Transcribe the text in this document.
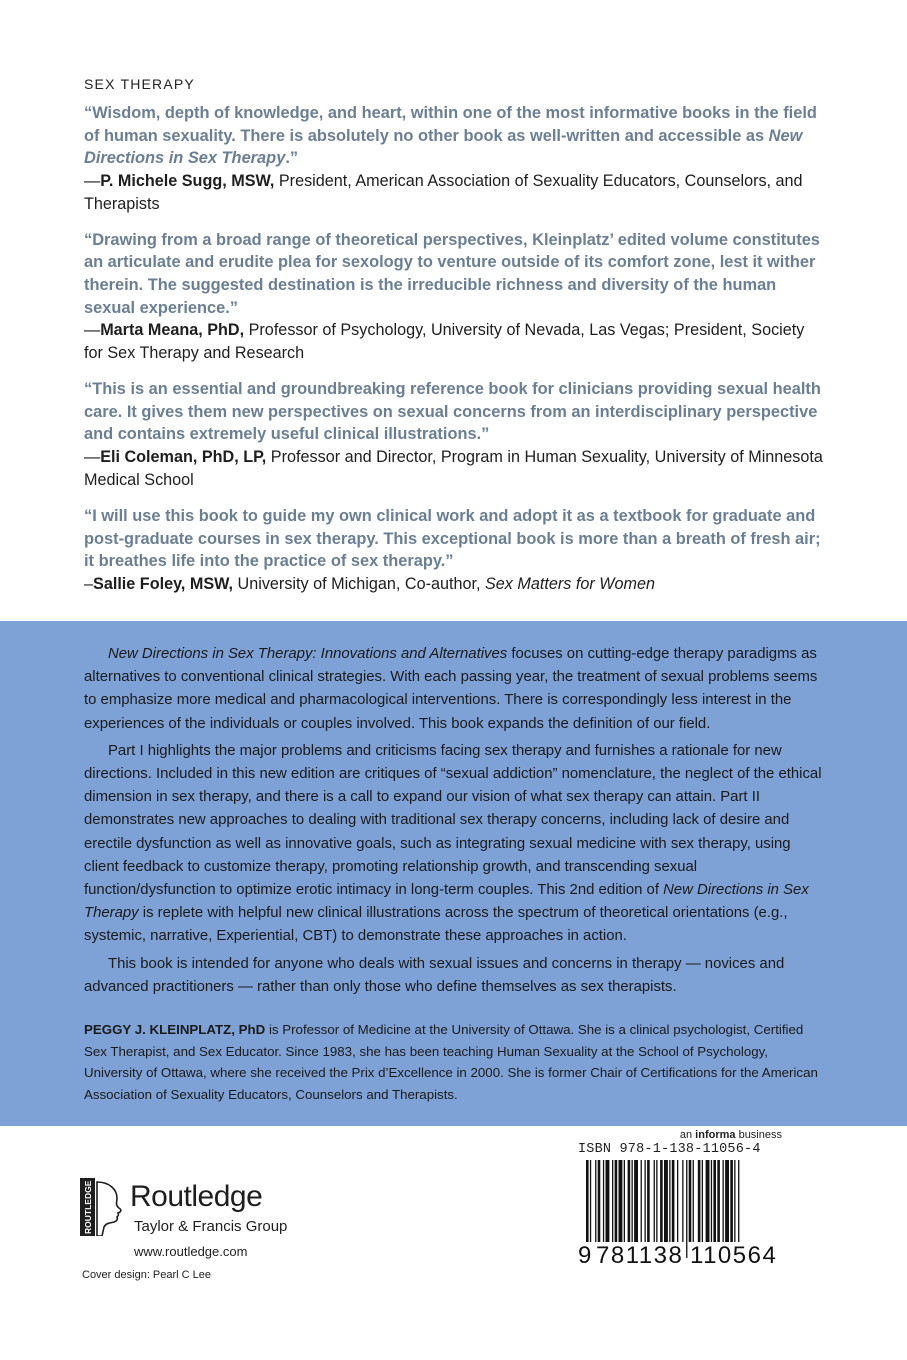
SEX THERAPY

“Wisdom, depth of knowledge, and heart, within one of the most informative books in the field of human sexuality. There is absolutely no other book as well-written and accessible as New Directions in Sex Therapy.”

—P. Michele Sugg, MSW, President, American Association of Sexuality Educators, Counselors, and Therapists

“Drawing from a broad range of theoretical perspectives, Kleinplatz’ edited volume constitutes an articulate and erudite plea for sexology to venture outside of its comfort zone, lest it wither therein. The suggested destination is the irreducible richness and diversity of the human sexual experience.”

—Marta Meana, PhD, Professor of Psychology, University of Nevada, Las Vegas; President, Society for Sex Therapy and Research

“This is an essential and groundbreaking reference book for clinicians providing sexual health care. It gives them new perspectives on sexual concerns from an interdisciplinary perspective and contains extremely useful clinical illustrations.”

—Eli Coleman, PhD, LP, Professor and Director, Program in Human Sexuality, University of Minnesota Medical School

“I will use this book to guide my own clinical work and adopt it as a textbook for graduate and post-graduate courses in sex therapy. This exceptional book is more than a breath of fresh air; it breathes life into the practice of sex therapy.”

–Sallie Foley, MSW, University of Michigan, Co-author, Sex Matters for Women

New Directions in Sex Therapy: Innovations and Alternatives focuses on cutting-edge therapy paradigms as alternatives to conventional clinical strategies. With each passing year, the treatment of sexual problems seems to emphasize more medical and pharmacological interventions. There is correspondingly less interest in the experiences of the individuals or couples involved. This book expands the definition of our field.

Part I highlights the major problems and criticisms facing sex therapy and furnishes a rationale for new directions. Included in this new edition are critiques of “sexual addiction” nomenclature, the neglect of the ethical dimension in sex therapy, and there is a call to expand our vision of what sex therapy can attain. Part II demonstrates new approaches to dealing with traditional sex therapy concerns, including lack of desire and erectile dysfunction as well as innovative goals, such as integrating sexual medicine with sex therapy, using client feedback to customize therapy, promoting relationship growth, and transcending sexual function/dysfunction to optimize erotic intimacy in long-term couples. This 2nd edition of New Directions in Sex Therapy is replete with helpful new clinical illustrations across the spectrum of theoretical orientations (e.g., systemic, narrative, Experiential, CBT) to demonstrate these approaches in action.

This book is intended for anyone who deals with sexual issues and concerns in therapy — novices and advanced practitioners — rather than only those who define themselves as sex therapists.

PEGGY J. KLEINPLATZ, PhD is Professor of Medicine at the University of Ottawa. She is a clinical psychologist, Certified Sex Therapist, and Sex Educator. Since 1983, she has been teaching Human Sexuality at the School of Psychology, University of Ottawa, where she received the Prix d’Excellence in 2000. She is former Chair of Certifications for the American Association of Sexuality Educators, Counselors and Therapists.

ROUTLEDGE Routledge
Taylor & Francis Group
www.routledge.com
Cover design: Pearl C Lee
an informa business
ISBN 978-1-138-11056-4
9 781138 110564
